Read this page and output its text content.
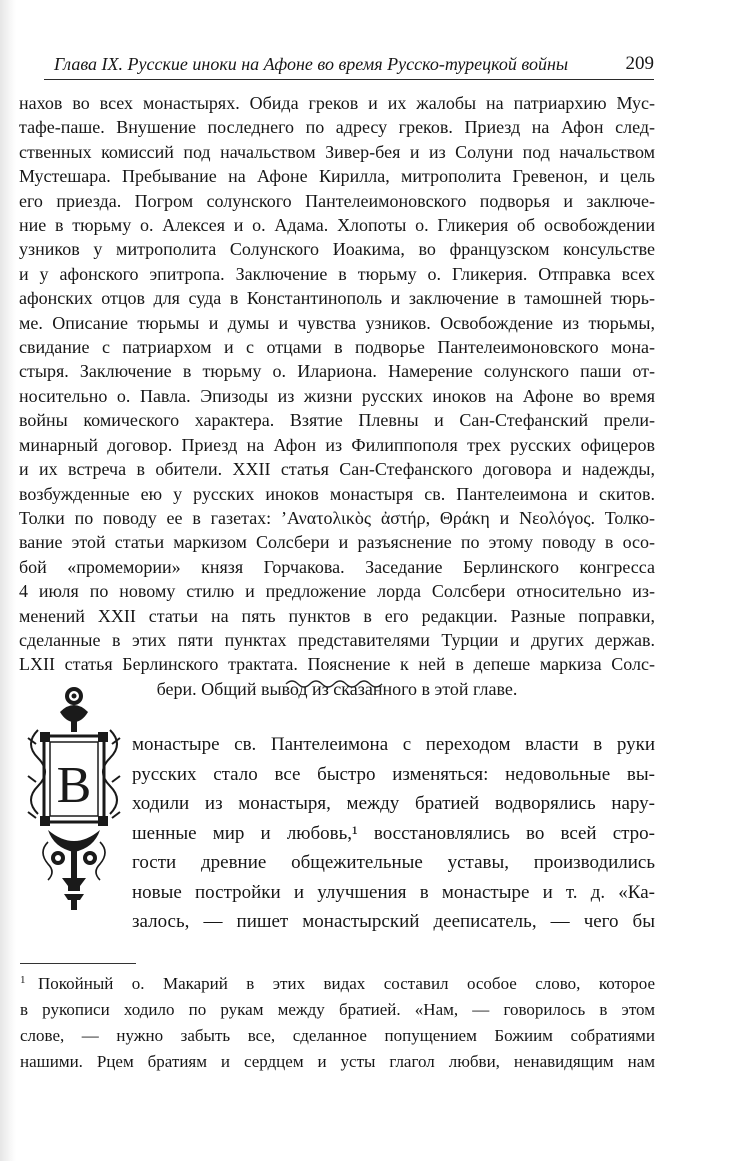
Глава IX. Русские иноки на Афоне во время Русско-турецкой войны	209
нахов во всех монастырях. Обида греков и их жалобы на патриархию Мус-
тафе-паше. Внушение последнего по адресу греков. Приезд на Афон след-
ственных комиссий под начальством Зивер-бея и из Солуни под начальством
Мустешара. Пребывание на Афоне Кирилла, митрополита Гревенон, и цель
его приезда. Погром солунского Пантелеимоновского подворья и заключе-
ние в тюрьму о. Алексея и о. Адама. Хлопоты о. Гликерия об освобождении
узников у митрополита Солунского Иоакима, во французском консульстве
и у афонского эпитропа. Заключение в тюрьму о. Гликерия. Отправка всех
афонских отцов для суда в Константинополь и заключение в тамошней тюрь-
ме. Описание тюрьмы и думы и чувства узников. Освобождение из тюрьмы,
свидание с патриархом и с отцами в подворье Пантелеимоновского мона-
стыря. Заключение в тюрьму о. Илариона. Намерение солунского паши от-
носительно о. Павла. Эпизоды из жизни русских иноков на Афоне во время
войны комического характера. Взятие Плевны и Сан-Стефанский прели-
минарный договор. Приезд на Афон из Филиппополя трех русских офицеров
и их встреча в обители. XXII статья Сан-Стефанского договора и надежды,
возбужденные ею у русских иноков монастыря св. Пантелеимона и скитов.
Толки по поводу ее в газетах: ’Ανατολικὸς ἀστήρ, Θράκη и Νεολόγος. Толко-
вание этой статьи маркизом Солсбери и разъяснение по этому поводу в осо-
бой «промемории» князя Горчакова. Заседание Берлинского конгресса
4 июля по новому стилю и предложение лорда Солсбери относительно из-
менений XXII статьи на пять пунктов в его редакции. Разные поправки,
сделанные в этих пяти пунктах представителями Турции и других держав.
LXII статья Берлинского трактата. Пояснение к ней в депеше маркиза Солс-
бери. Общий вывод из сказанного в этой главе.
В
монастыре св. Пантелеимона с переходом власти в руки
русских стало все быстро изменяться: недовольные вы-
ходили из монастыря, между братией водворялись нару-
шенные мир и любовь,¹ восстановлялись во всей стро-
гости древние общежительные уставы, производились
новые постройки и улучшения в монастыре и т. д. «Ка-
залось, — пишет монастырский дееписатель, — чего бы
$^1$ Покойный о. Макарий в этих видах составил особое слово, которое
в рукописи ходило по рукам между братией. «Нам, — говорилось в этом
слове, — нужно забыть все, сделанное попущением Божиим собратиями
нашими. Рцем братиям и сердцем и усты глагол любви, ненавидящим нам
